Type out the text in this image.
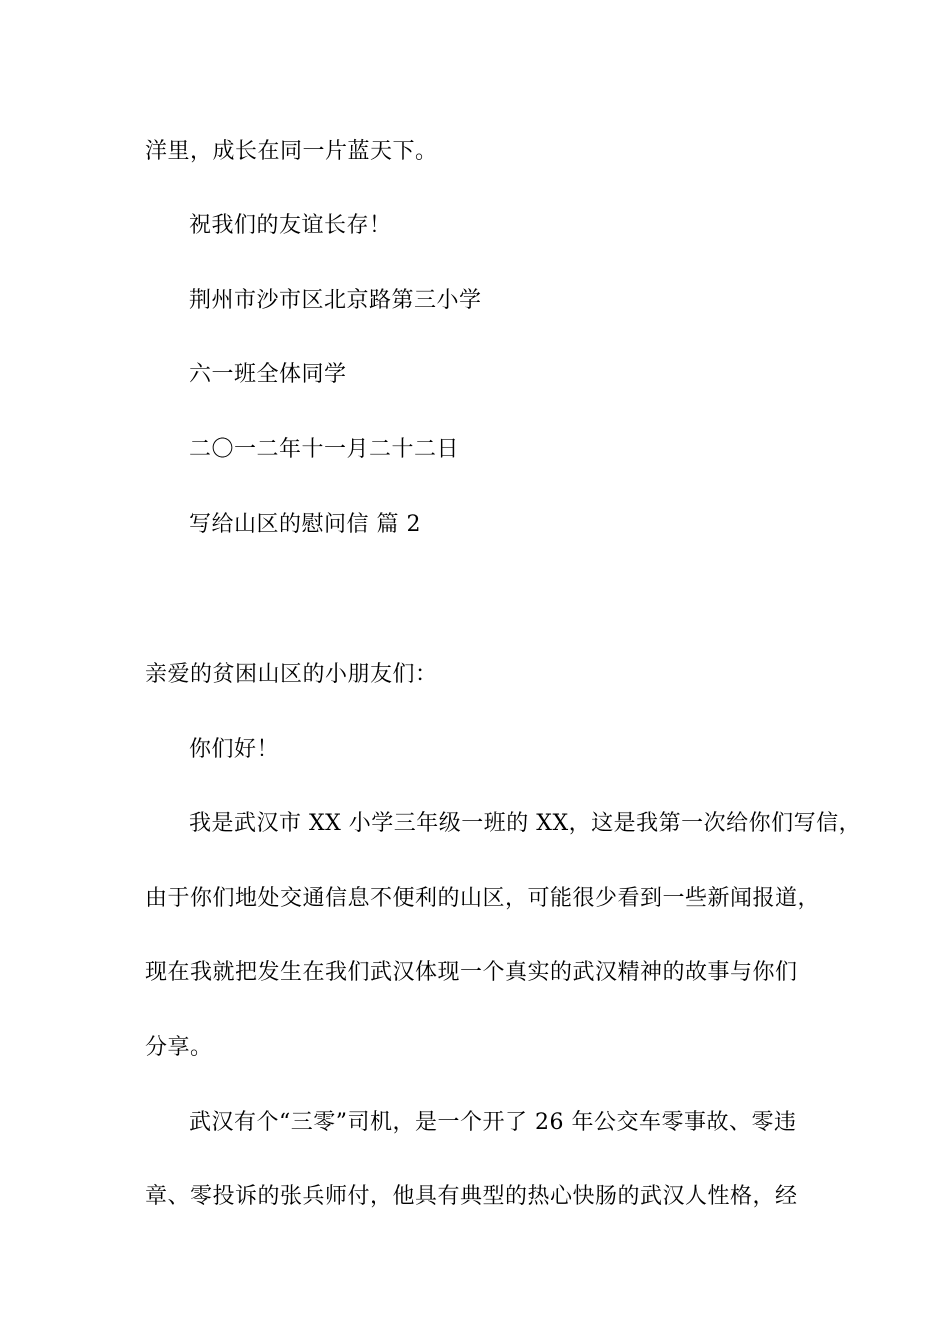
洋里，成长在同一片蓝天下。
祝我们的友谊长存！
荆州市沙市区北京路第三小学
六一班全体同学
二〇一二年十一月二十二日
写给山区的慰问信 篇 2
亲爱的贫困山区的小朋友们：
你们好！
我是武汉市 XX 小学三年级一班的 XX，这是我第一次给你们写信，
由于你们地处交通信息不便利的山区，可能很少看到一些新闻报道，
现在我就把发生在我们武汉体现一个真实的武汉精神的故事与你们
分享。
武汉有个“三零”司机，是一个开了 26 年公交车零事故、零违
章、零投诉的张兵师付，他具有典型的热心快肠的武汉人性格，经
